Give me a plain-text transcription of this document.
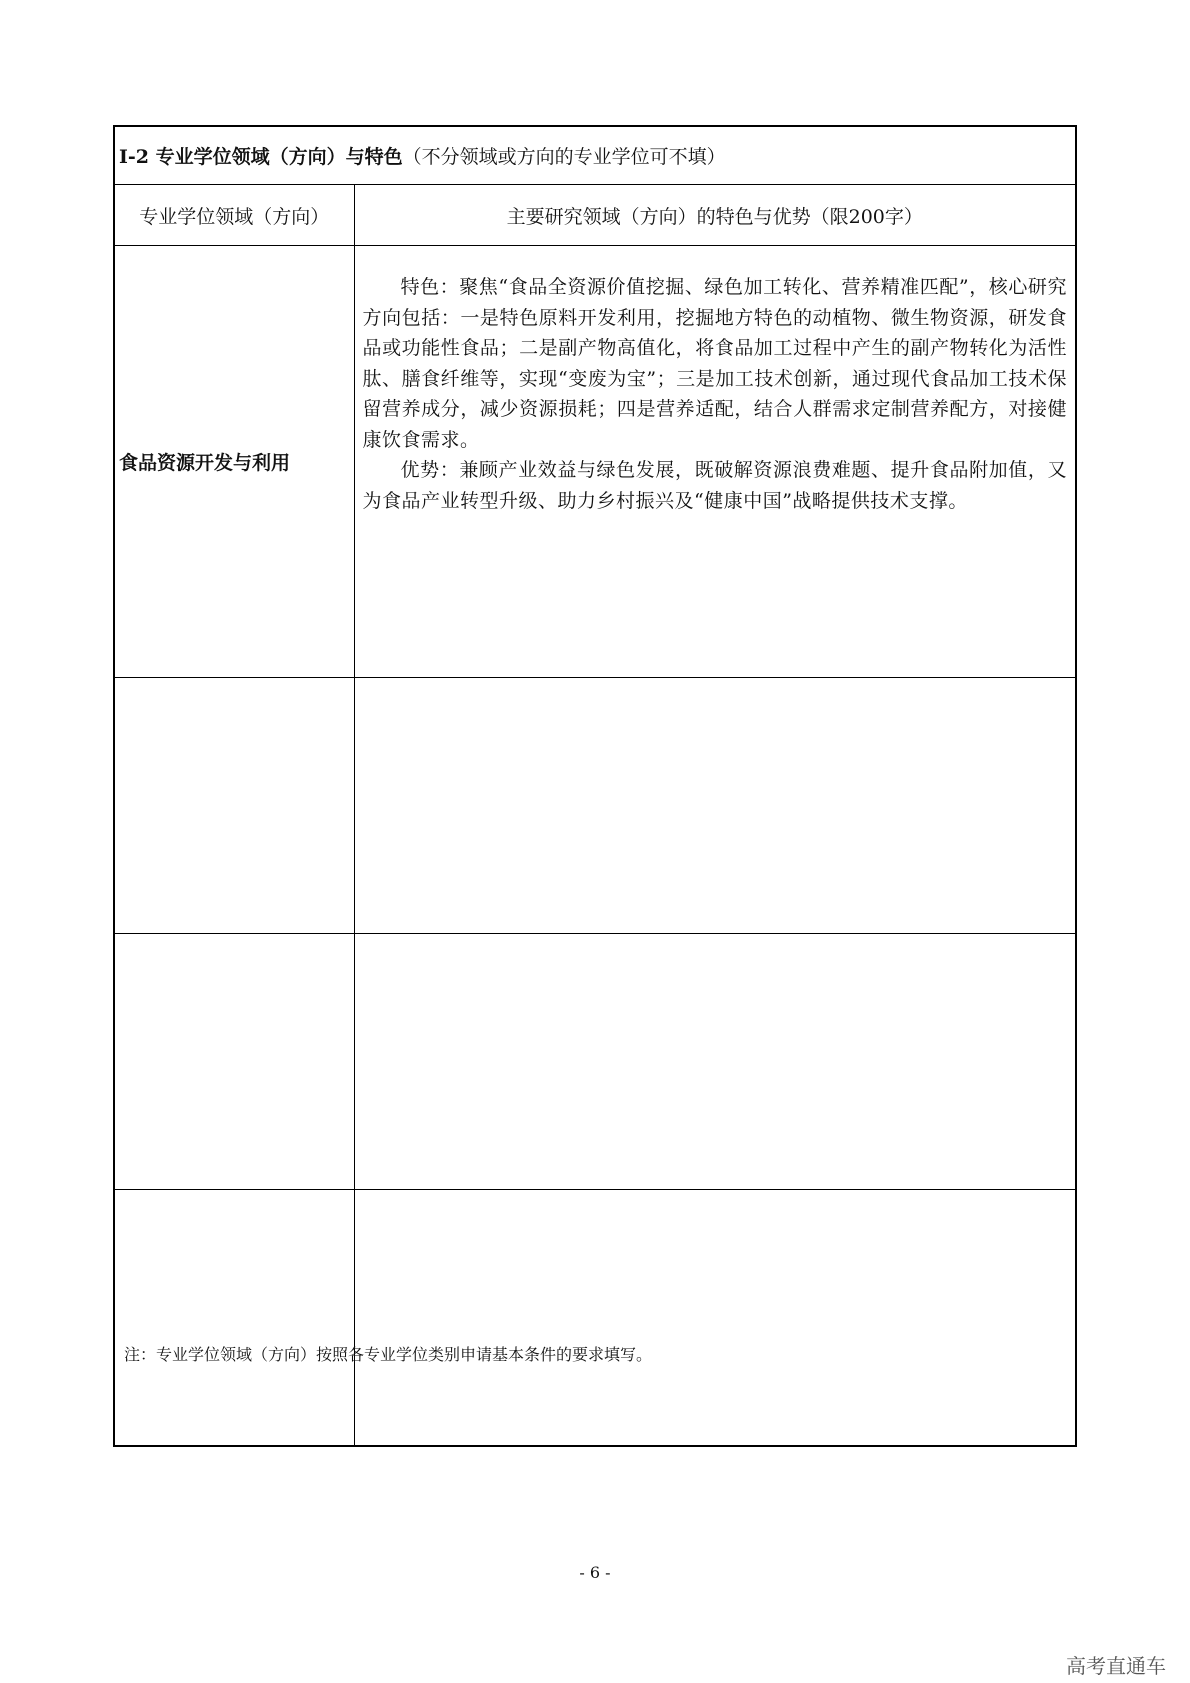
I-2 专业学位领域（方向）与特色（不分领域或方向的专业学位可不填）	
专业学位领域（方向）	主要研究领域（方向）的特色与优势（限200字）
食品资源开发与利用	特色：聚焦“食品全资源价值挖掘、绿色加工转化、营养精准匹配”，核心研究方向包括：一是特色原料开发利用，挖掘地方特色的动植物、微生物资源，研发食品或功能性食品；二是副产物高值化，将食品加工过程中产生的副产物转化为活性肽、膳食纤维等，实现“变废为宝”；三是加工技术创新，通过现代食品加工技术保留营养成分，减少资源损耗；四是营养适配，结合人群需求定制营养配方，对接健康饮食需求。

优势：兼顾产业效益与绿色发展，既破解资源浪费难题、提升食品附加值，又为食品产业转型升级、助力乡村振兴及“健康中国”战略提供技术支撑。

注：专业学位领域（方向）按照各专业学位类别申请基本条件的要求填写。

- 6 -

高考直通车
